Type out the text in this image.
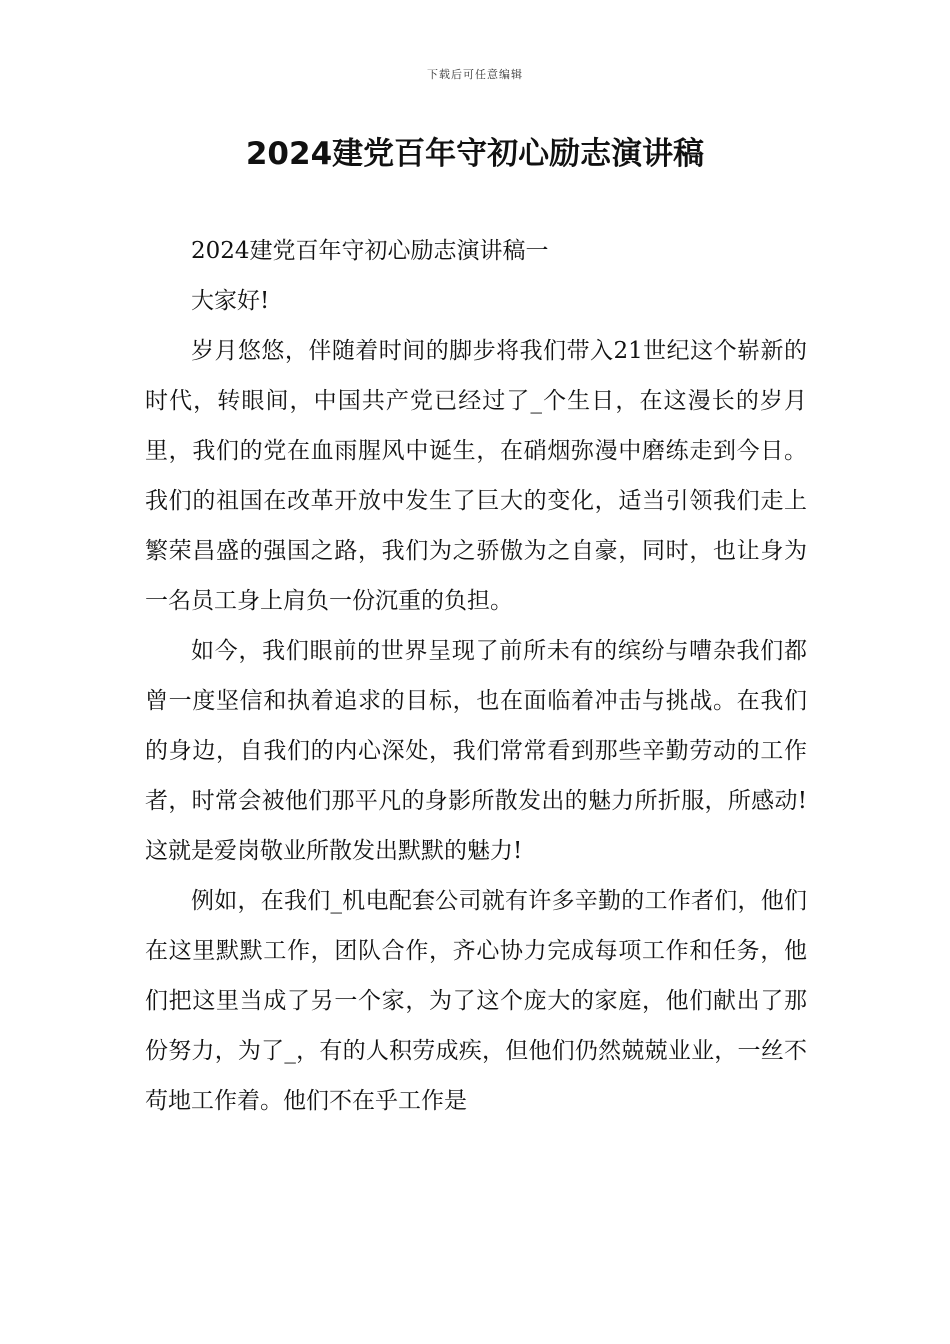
下载后可任意编辑
2024建党百年守初心励志演讲稿

2024建党百年守初心励志演讲稿一

大家好!

岁月悠悠，伴随着时间的脚步将我们带入21世纪这个崭新的时代，转眼间，中国共产党已经过了_个生日，在这漫长的岁月里，我们的党在血雨腥风中诞生，在硝烟弥漫中磨练走到今日。我们的祖国在改革开放中发生了巨大的变化，适当引领我们走上繁荣昌盛的强国之路，我们为之骄傲为之自豪，同时，也让身为一名员工身上肩负一份沉重的负担。

如今，我们眼前的世界呈现了前所未有的缤纷与嘈杂我们都曾一度坚信和执着追求的目标，也在面临着冲击与挑战。在我们的身边，自我们的内心深处，我们常常看到那些辛勤劳动的工作者，时常会被他们那平凡的身影所散发出的魅力所折服，所感动!这就是爱岗敬业所散发出默默的魅力!

例如，在我们_机电配套公司就有许多辛勤的工作者们，他们在这里默默工作，团队合作，齐心协力完成每项工作和任务，他们把这里当成了另一个家，为了这个庞大的家庭，他们献出了那份努力，为了_，有的人积劳成疾，但他们仍然兢兢业业，一丝不苟地工作着。他们不在乎工作是
